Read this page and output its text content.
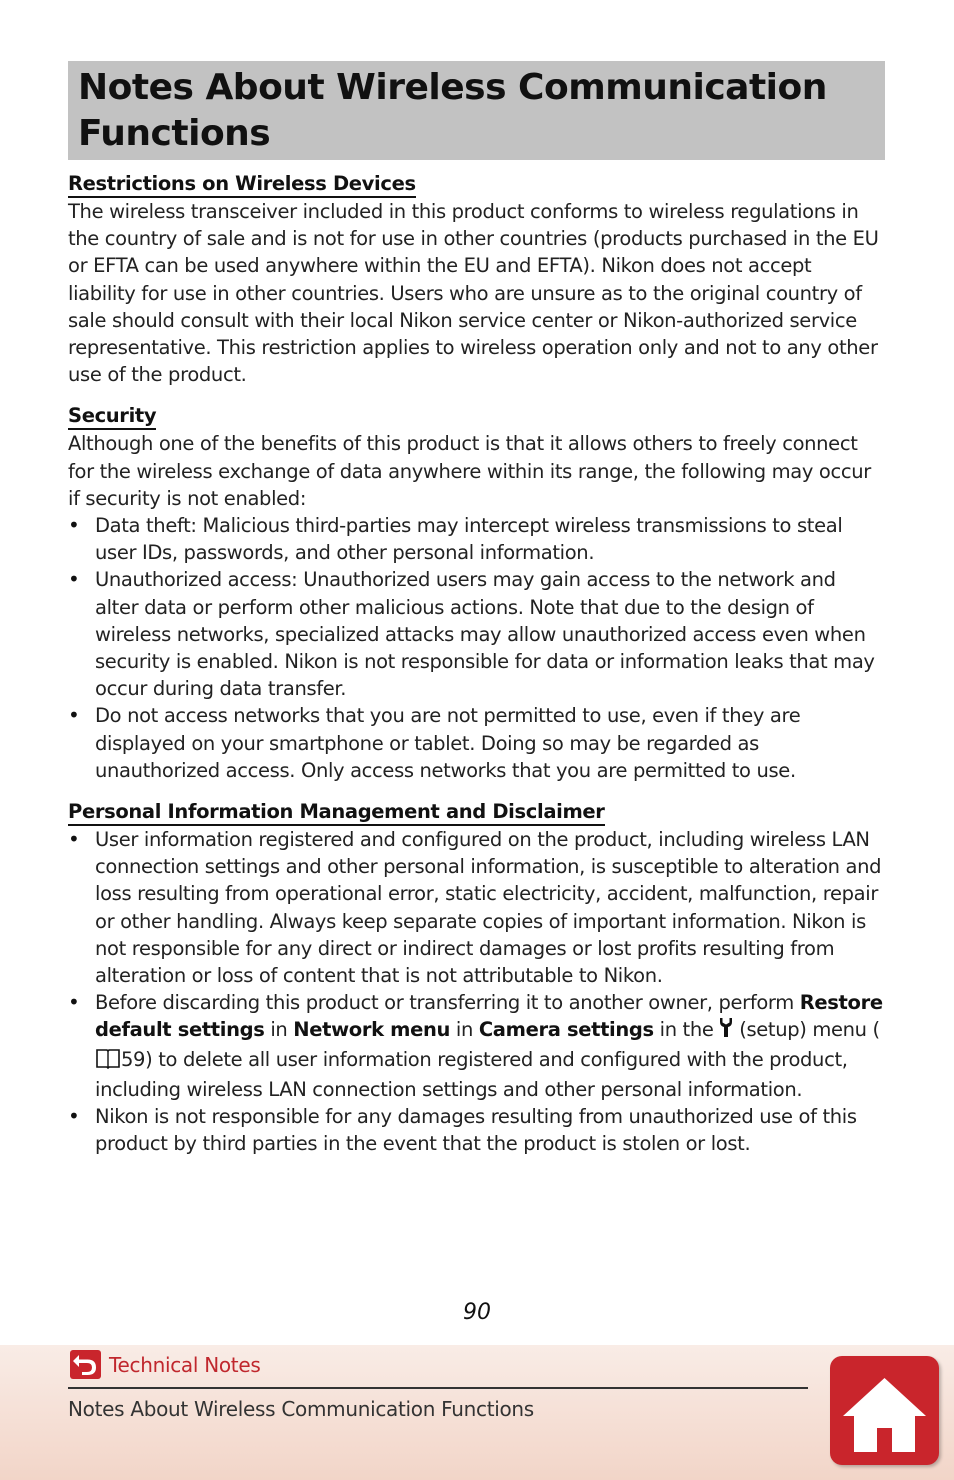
Notes About Wireless Communication
Functions
Restrictions on Wireless Devices

The wireless transceiver included in this product conforms to wireless regulations in the country of sale and is not for use in other countries (products purchased in the EU or EFTA can be used anywhere within the EU and EFTA). Nikon does not accept liability for use in other countries. Users who are unsure as to the original country of sale should consult with their local Nikon service center or Nikon-authorized service representative. This restriction applies to wireless operation only and not to any other use of the product.

Security

Although one of the benefits of this product is that it allows others to freely connect for the wireless exchange of data anywhere within its range, the following may occur if security is not enabled:

• Data theft: Malicious third-parties may intercept wireless transmissions to steal user IDs, passwords, and other personal information.
• Unauthorized access: Unauthorized users may gain access to the network and alter data or perform other malicious actions. Note that due to the design of wireless networks, specialized attacks may allow unauthorized access even when security is enabled. Nikon is not responsible for data or information leaks that may occur during data transfer.
• Do not access networks that you are not permitted to use, even if they are displayed on your smartphone or tablet. Doing so may be regarded as unauthorized access. Only access networks that you are permitted to use.
Personal Information Management and Disclaimer
• User information registered and configured on the product, including wireless LAN connection settings and other personal information, is susceptible to alteration and loss resulting from operational error, static electricity, accident, malfunction, repair or other handling. Always keep separate copies of important information. Nikon is not responsible for any direct or indirect damages or lost profits resulting from alteration or loss of content that is not attributable to Nikon.
• Before discarding this product or transferring it to another owner, perform Restore default settings in Network menu in Camera settings in the  (setup) menu (59) to delete all user information registered and configured with the product, including wireless LAN connection settings and other personal information.
• Nikon is not responsible for any damages resulting from unauthorized use of this product by third parties in the event that the product is stolen or lost.
90
Technical Notes
Notes About Wireless Communication Functions
